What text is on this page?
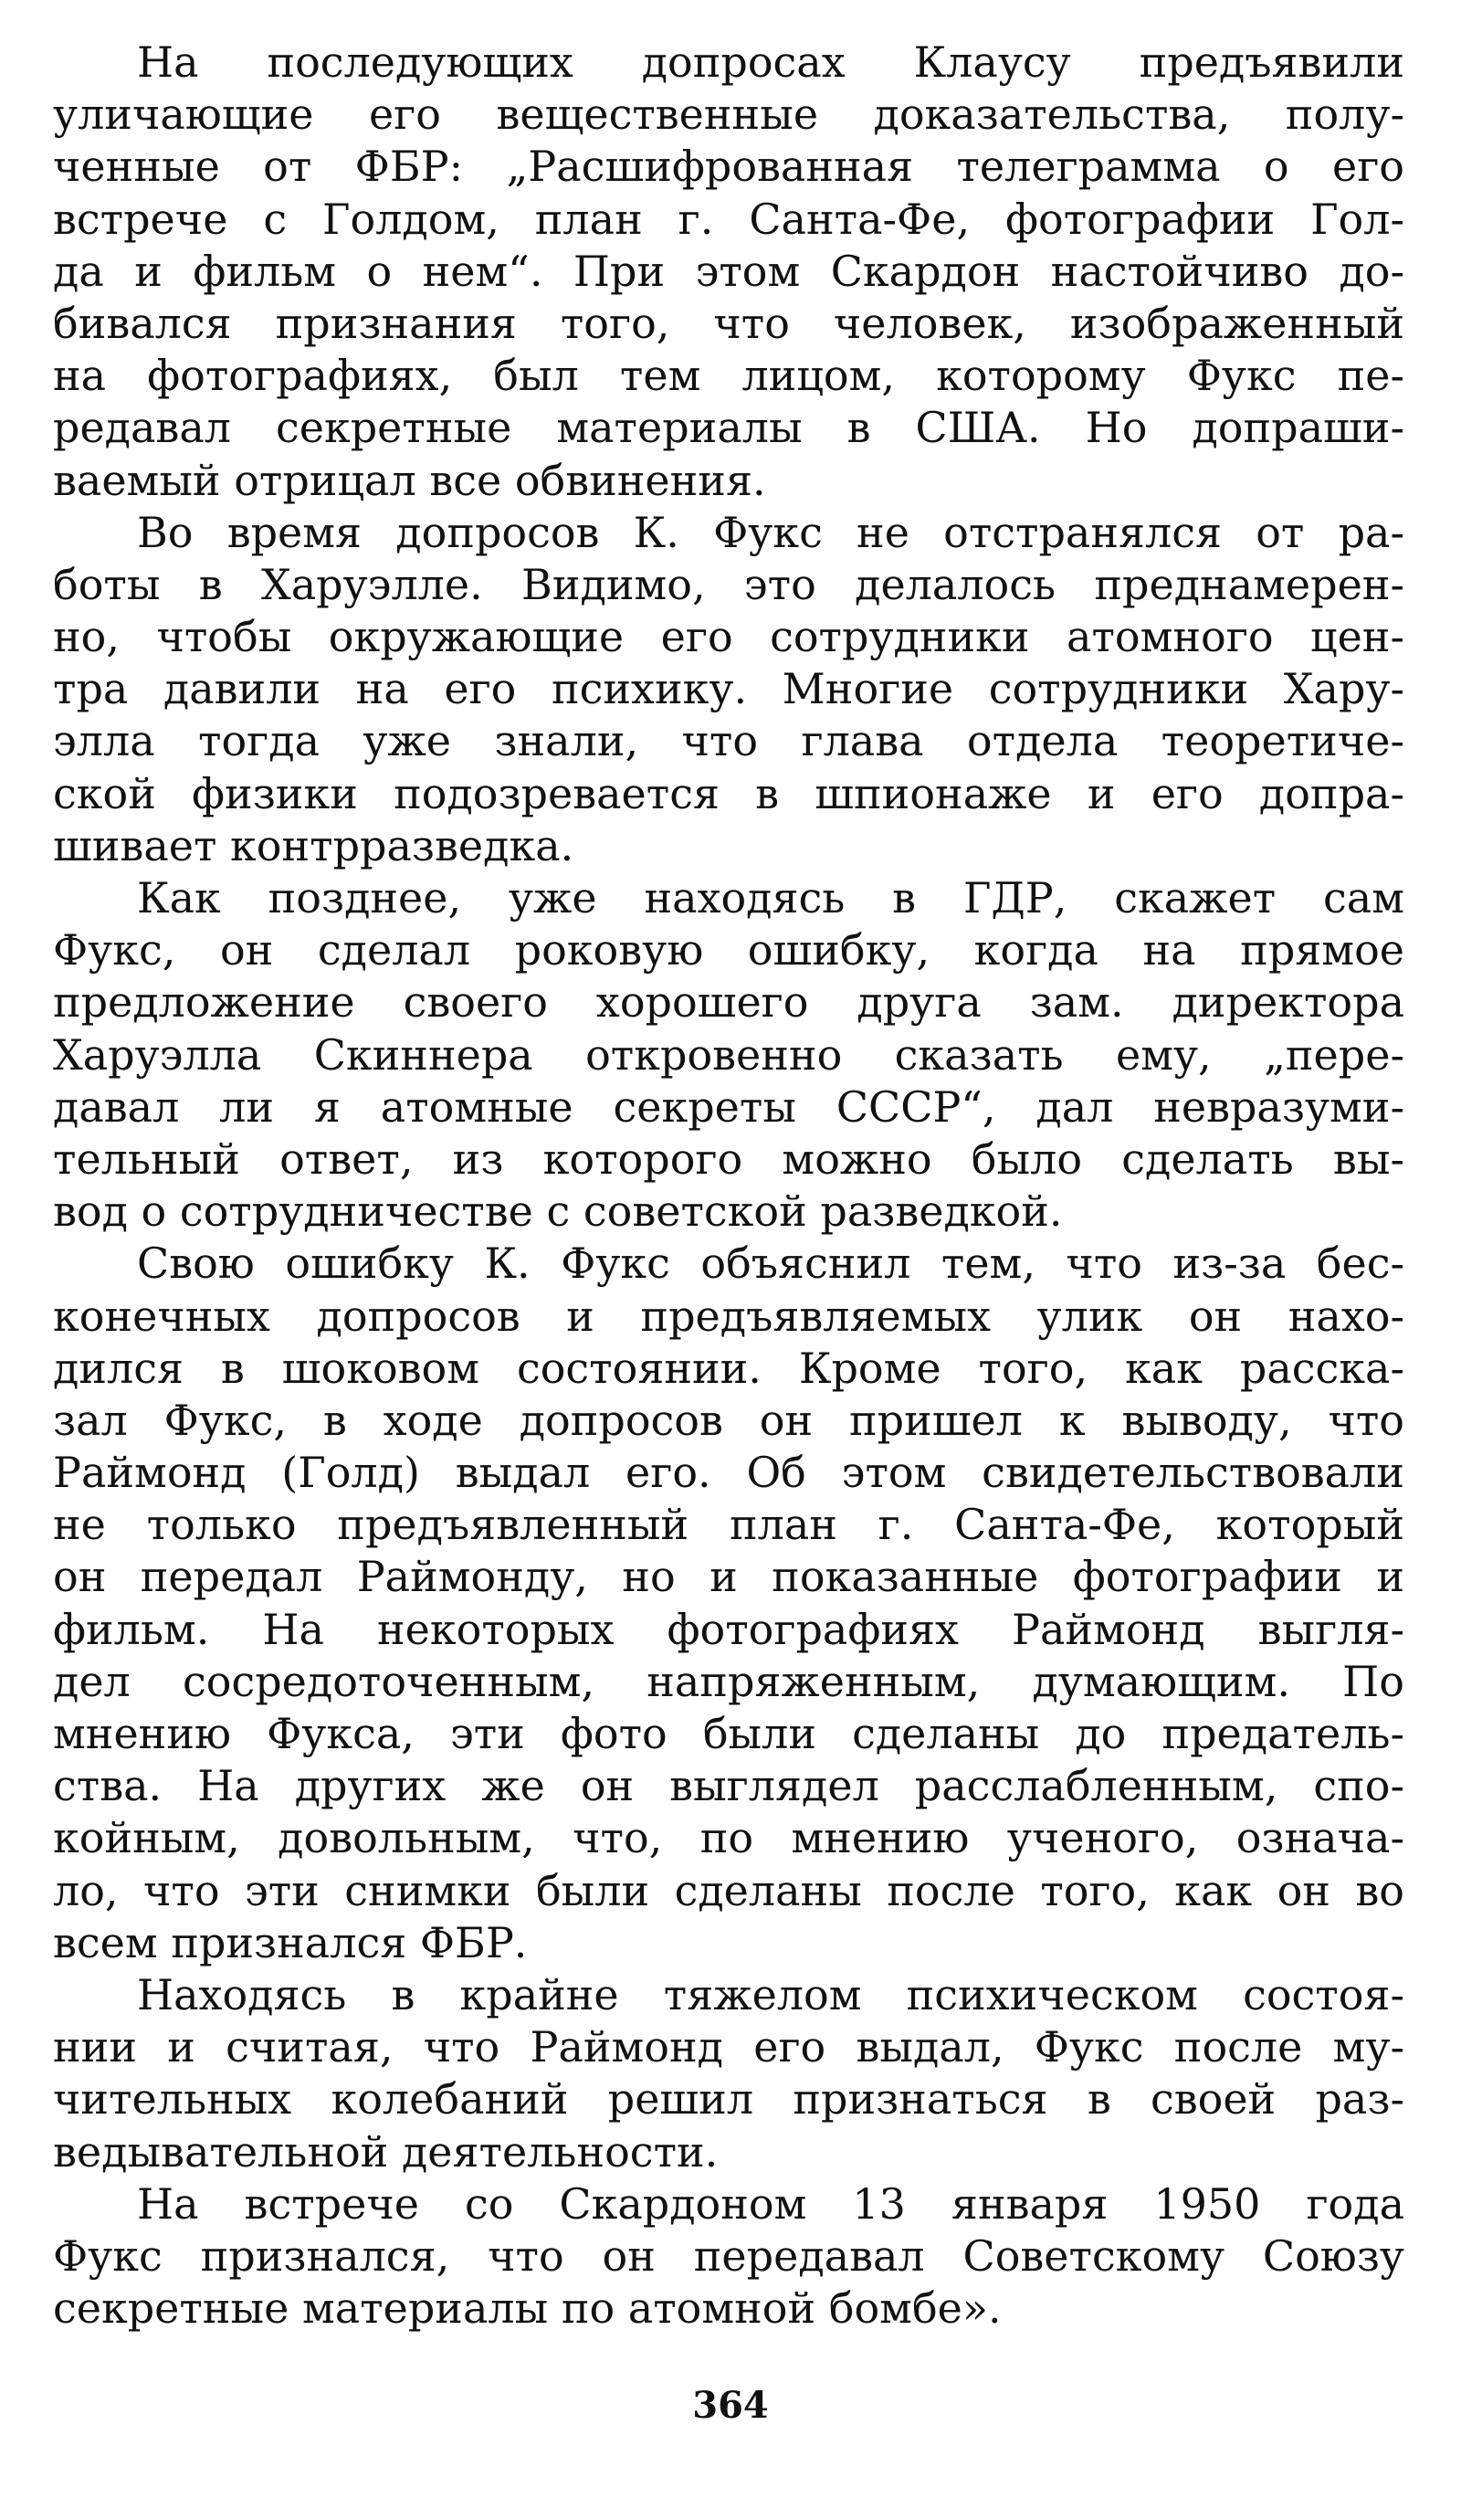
На последующих допросах Клаусу предъявили
уличающие его вещественные доказательства, полу-
ченные от ФБР: „Расшифрованная телеграмма о его
встрече с Голдом, план г. Санта-Фе, фотографии Гол-
да и фильм о нем“. При этом Скардон настойчиво до-
бивался признания того, что человек, изображенный
на фотографиях, был тем лицом, которому Фукс пе-
редавал секретные материалы в США. Но допраши-
ваемый отрицал все обвинения.
Во время допросов К. Фукс не отстранялся от ра-
боты в Харуэлле. Видимо, это делалось преднамерен-
но, чтобы окружающие его сотрудники атомного цен-
тра давили на его психику. Многие сотрудники Хару-
элла тогда уже знали, что глава отдела теоретиче-
ской физики подозревается в шпионаже и его допра-
шивает контрразведка.
Как позднее, уже находясь в ГДР, скажет сам
Фукс, он сделал роковую ошибку, когда на прямое
предложение своего хорошего друга зам. директора
Харуэлла Скиннера откровенно сказать ему, „пере-
давал ли я атомные секреты СССР“, дал невразуми-
тельный ответ, из которого можно было сделать вы-
вод о сотрудничестве с советской разведкой.
Свою ошибку К. Фукс объяснил тем, что из-за бес-
конечных допросов и предъявляемых улик он нахо-
дился в шоковом состоянии. Кроме того, как расска-
зал Фукс, в ходе допросов он пришел к выводу, что
Раймонд (Голд) выдал его. Об этом свидетельствовали
не только предъявленный план г. Санта-Фе, который
он передал Раймонду, но и показанные фотографии и
фильм. На некоторых фотографиях Раймонд выгля-
дел сосредоточенным, напряженным, думающим. По
мнению Фукса, эти фото были сделаны до предатель-
ства. На других же он выглядел расслабленным, спо-
койным, довольным, что, по мнению ученого, означа-
ло, что эти снимки были сделаны после того, как он во
всем признался ФБР.
Находясь в крайне тяжелом психическом состоя-
нии и считая, что Раймонд его выдал, Фукс после му-
чительных колебаний решил признаться в своей раз-
ведывательной деятельности.
На встрече со Скардоном 13 января 1950 года
Фукс признался, что он передавал Советскому Союзу
секретные материалы по атомной бомбе».
364
